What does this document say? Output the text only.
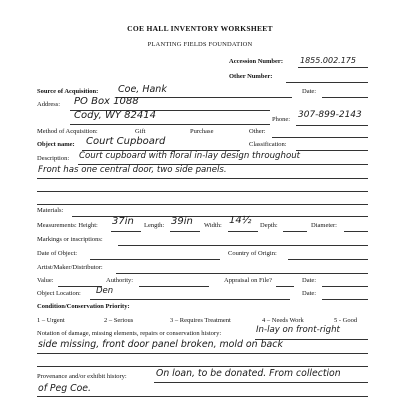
COE HALL INVENTORY WORKSHEET
PLANTING FIELDS FOUNDATION
Accession Number: 1855.002.175
Other Number:
Source of Acquisition: Coe, Hank	Date:
Address: PO Box 1088
Cody, WY 82414	Phone: 307-899-2143
Method of Acquisition:	Gift	Purchase	Other:
Object name: Court Cupboard	Classification:
Description: Court cupboard with floral in-lay design throughout
Front has one central door, two side panels.
Materials:
Measurements: Height: 37in Length: 39in Width: 14½ Depth:	Diameter:
Markings or inscriptions:
Date of Object:	Country of Origin:
Artist/Maker/Distributor:
Value:	Authority:	Appraisal on File?	Date:
Object Location: Den	Date:
Condition/Conservation Priority:
1 – Urgent	2 – Serious	3 – Requires Treatment	4 – Needs Work	5 - Good
Notation of damage, missing elements, repairs or conservation history:	In-lay on front-right
side missing, front door panel broken, mold on back
Provenance and/or exhibit history:	On loan, to be donated. From collection
of Peg Coe.
